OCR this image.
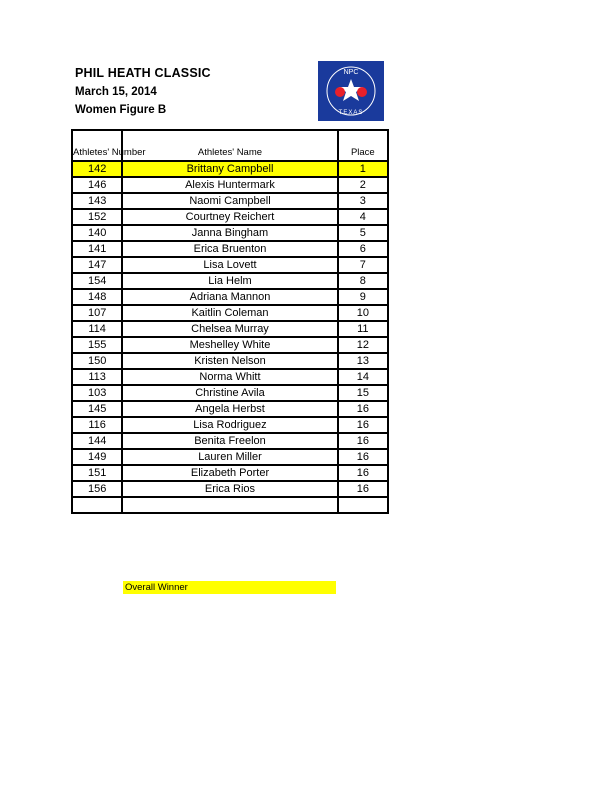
PHIL HEATH CLASSIC
March 15, 2014
Women Figure B
NPC
TEXAS
Athletes' Number	Athletes' Name	Place
142	Brittany Campbell	1
146	Alexis Huntermark	2
143	Naomi Campbell	3
152	Courtney Reichert	4
140	Janna Bingham	5
141	Erica Bruenton	6
147	Lisa Lovett	7
154	Lia Helm	8
148	Adriana Mannon	9
107	Kaitlin Coleman	10
114	Chelsea Murray	11
155	Meshelley White	12
150	Kristen Nelson	13
113	Norma Whitt	14
103	Christine Avila	15
145	Angela Herbst	16
116	Lisa Rodriguez	16
144	Benita Freelon	16
149	Lauren Miller	16
151	Elizabeth Porter	16
156	Erica Rios	16

Overall Winner
